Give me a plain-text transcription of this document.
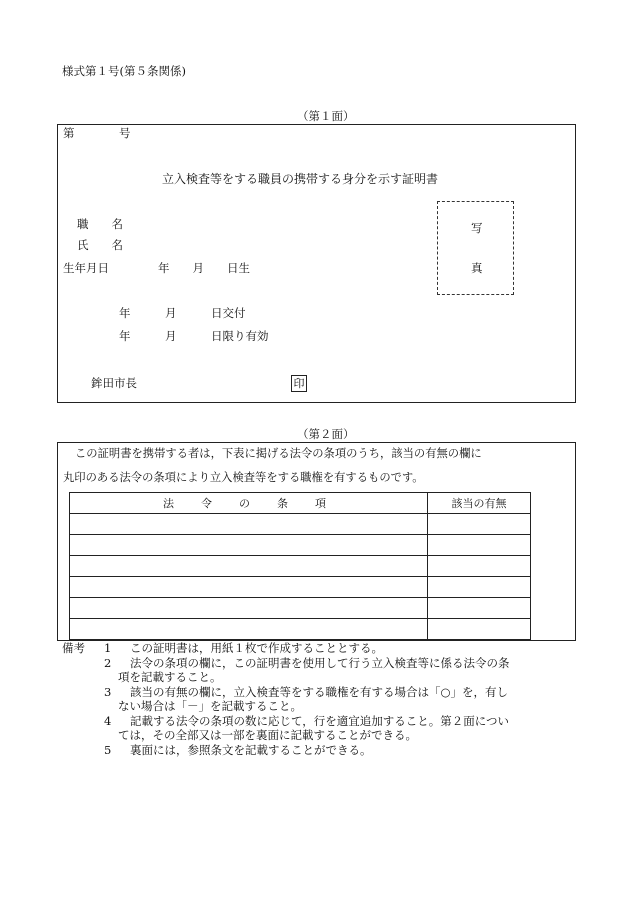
様式第１号(第５条関係)
（第１面）
第	号
立入検査等をする職員の携帯する身分を示す証明書
職　　名
氏　　名
生年月日	年　　月　　日生
写
真
年　　　月　　　日交付
年　　　月　　　日限り有効
鉾田市長	印
（第２面）
この証明書を携帯する者は，下表に掲げる法令の条項のうち，該当の有無の欄に
丸印のある法令の条項により立入検査等をする職権を有するものです。
法　令　の　条　項	該当の有無

備考 1 この証明書は，用紙１枚で作成することとする。
2 法令の条項の欄に，この証明書を使用して行う立入検査等に係る法令の条
項を記載すること。
3 該当の有無の欄に，立入検査等をする職権を有する場合は「○」を，有し
ない場合は「－」を記載すること。
4 記載する法令の条項の数に応じて，行を適宜追加すること。第２面につい
ては，その全部又は一部を裏面に記載することができる。
5 裏面には，参照条文を記載することができる。
